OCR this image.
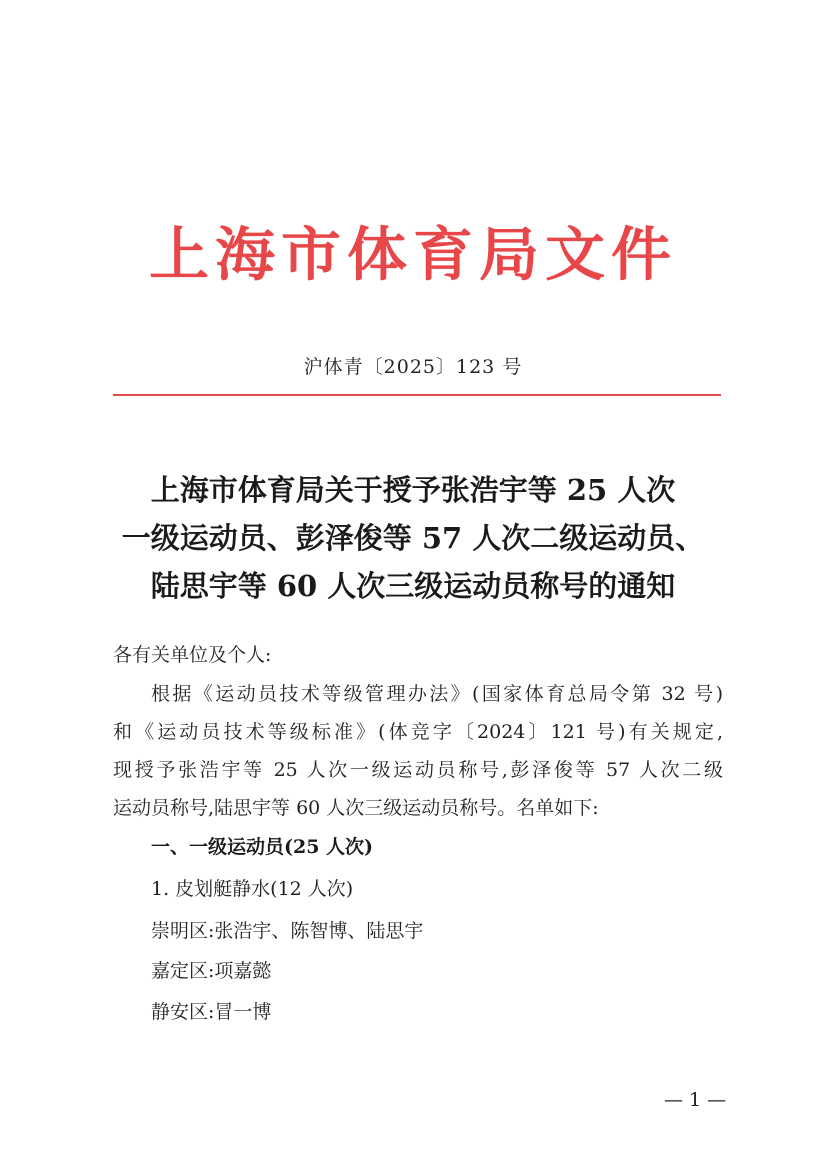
上海市体育局文件
沪体青〔2025〕123 号
上海市体育局关于授予张浩宇等 25 人次
一级运动员、彭泽俊等 57 人次二级运动员、
陆思宇等 60 人次三级运动员称号的通知
各有关单位及个人:
根据《运动员技术等级管理办法》(国家体育总局令第 32 号)
和《运动员技术等级标准》(体竞字〔2024〕121 号)有关规定,
现授予张浩宇等 25 人次一级运动员称号,彭泽俊等 57 人次二级
运动员称号,陆思宇等 60 人次三级运动员称号。名单如下:
一、一级运动员(25 人次)
1. 皮划艇静水(12 人次)
崇明区:张浩宇、陈智博、陆思宇
嘉定区:项嘉懿
静安区:冒一博
— 1 —
